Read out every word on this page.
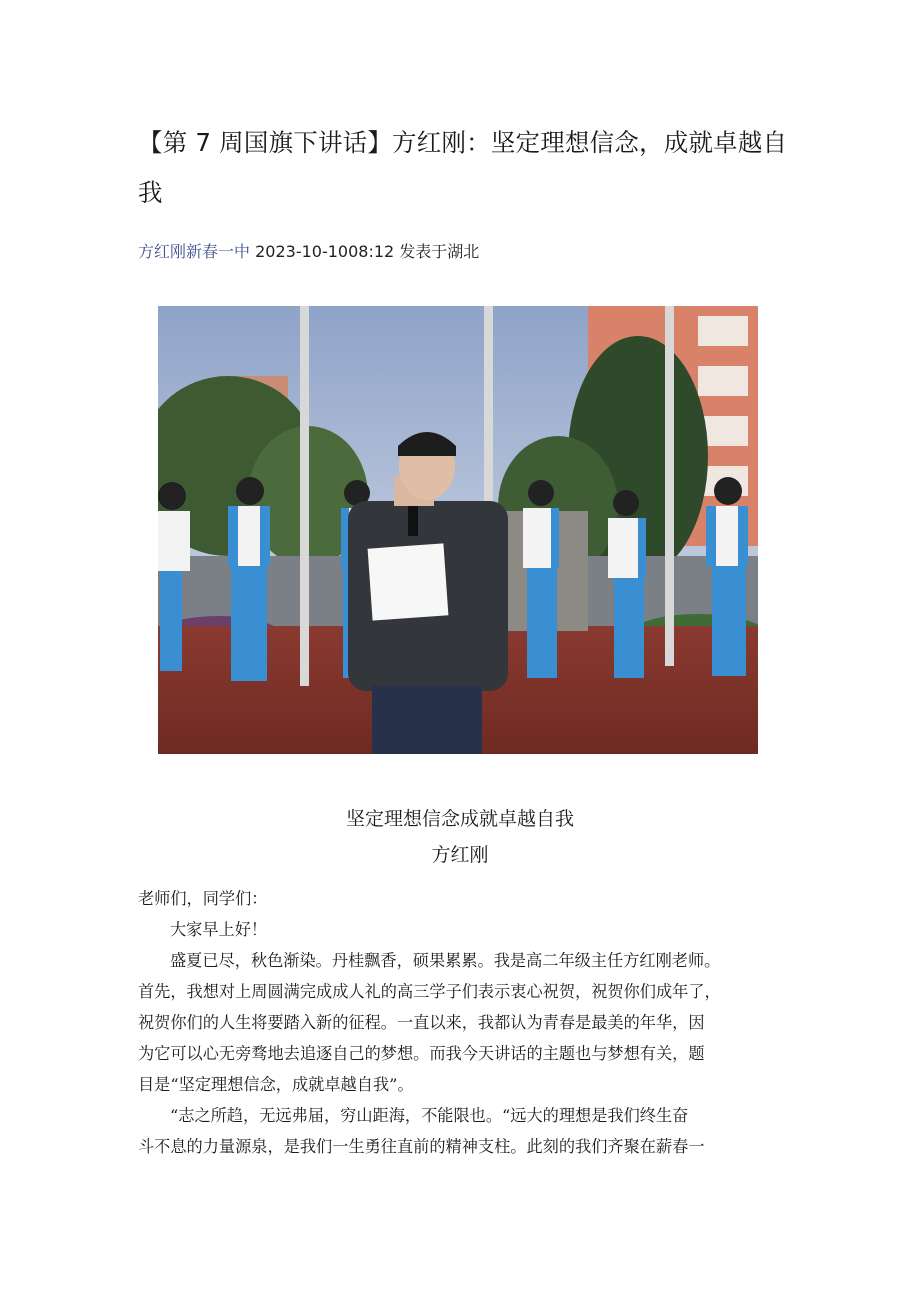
【第 7 周国旗下讲话】方红刚：坚定理想信念，成就卓越自我
方红刚新春一中 2023-10-1008:12 发表于湖北
坚定理想信念成就卓越自我
方红刚

老师们，同学们：

大家早上好！

盛夏已尽，秋色渐染。丹桂飘香，硕果累累。我是高二年级主任方红刚老师。
首先，我想对上周圆满完成成人礼的高三学子们表示衷心祝贺，祝贺你们成年了，
祝贺你们的人生将要踏入新的征程。一直以来，我都认为青春是最美的年华，因
为它可以心无旁骛地去追逐自己的梦想。而我今天讲话的主题也与梦想有关，题
目是“坚定理想信念，成就卓越自我”。

“志之所趋，无远弗届，穷山距海，不能限也。“远大的理想是我们终生奋
斗不息的力量源泉，是我们一生勇往直前的精神支柱。此刻的我们齐聚在薪春一
